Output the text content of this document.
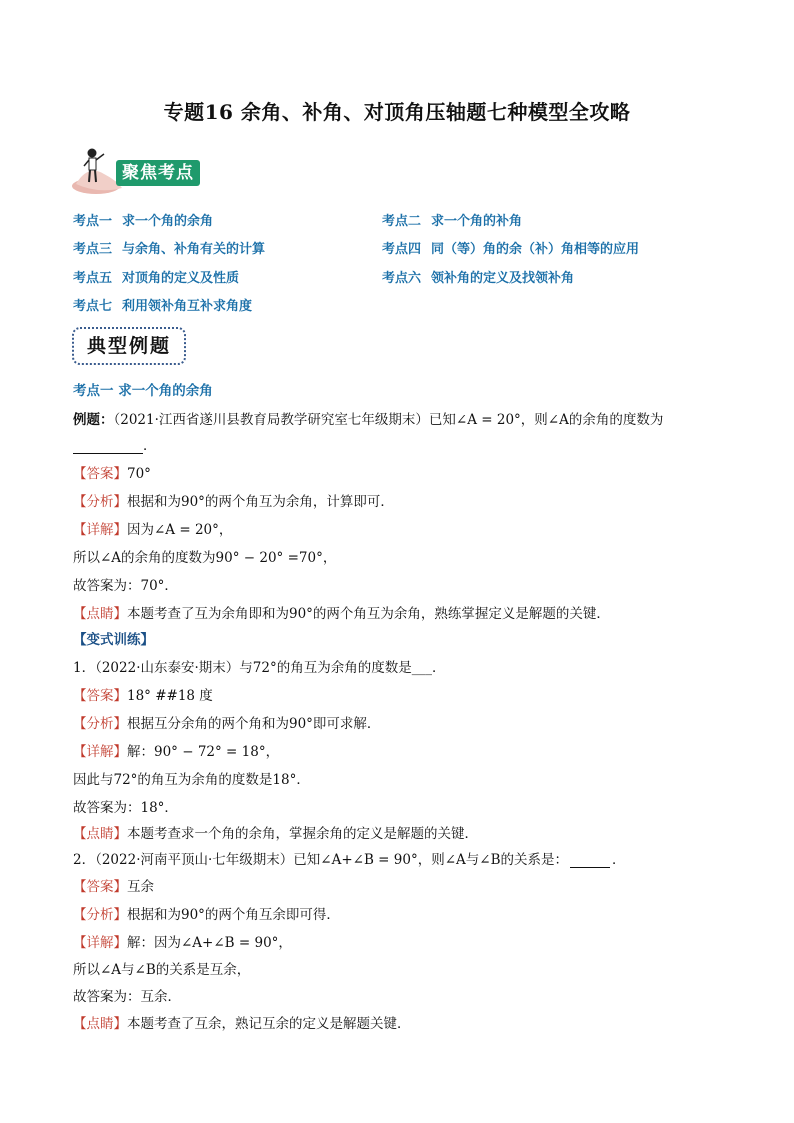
专题16 余角、补角、对顶角压轴题七种模型全攻略
聚焦考点
考点一 求一个角的余角	考点二 求一个角的补角
考点三 与余角、补角有关的计算	考点四 同（等）角的余（补）角相等的应用
考点五 对顶角的定义及性质	考点六 领补角的定义及找领补角
考点七 利用领补角互补求角度
典型例题
考点一 求一个角的余角
例题：（2021·江西省遂川县教育局教学研究室七年级期末）已知∠A = 20°，则∠A的余角的度数为
．
【答案】70°
【分析】根据和为90°的两个角互为余角，计算即可．
【详解】因为∠A = 20°，
所以∠A的余角的度数为90° − 20° =70°，
故答案为：70°．
【点睛】本题考查了互为余角即和为90°的两个角互为余角，熟练掌握定义是解题的关键．
【变式训练】
1．（2022·山东泰安·期末）与72°的角互为余角的度数是___．
【答案】18° ##18 度
【分析】根据互分余角的两个角和为90°即可求解．
【详解】解：90° − 72° = 18°，
因此与72°的角互为余角的度数是18°．
故答案为：18°．
【点睛】本题考查求一个角的余角，掌握余角的定义是解题的关键．
2．（2022·河南平顶山·七年级期末）已知∠A+∠B = 90°，则∠A与∠B的关系是：	．
【答案】互余
【分析】根据和为90°的两个角互余即可得．
【详解】解：因为∠A+∠B = 90°，
所以∠A与∠B的关系是互余，
故答案为：互余．
【点睛】本题考查了互余，熟记互余的定义是解题关键．
